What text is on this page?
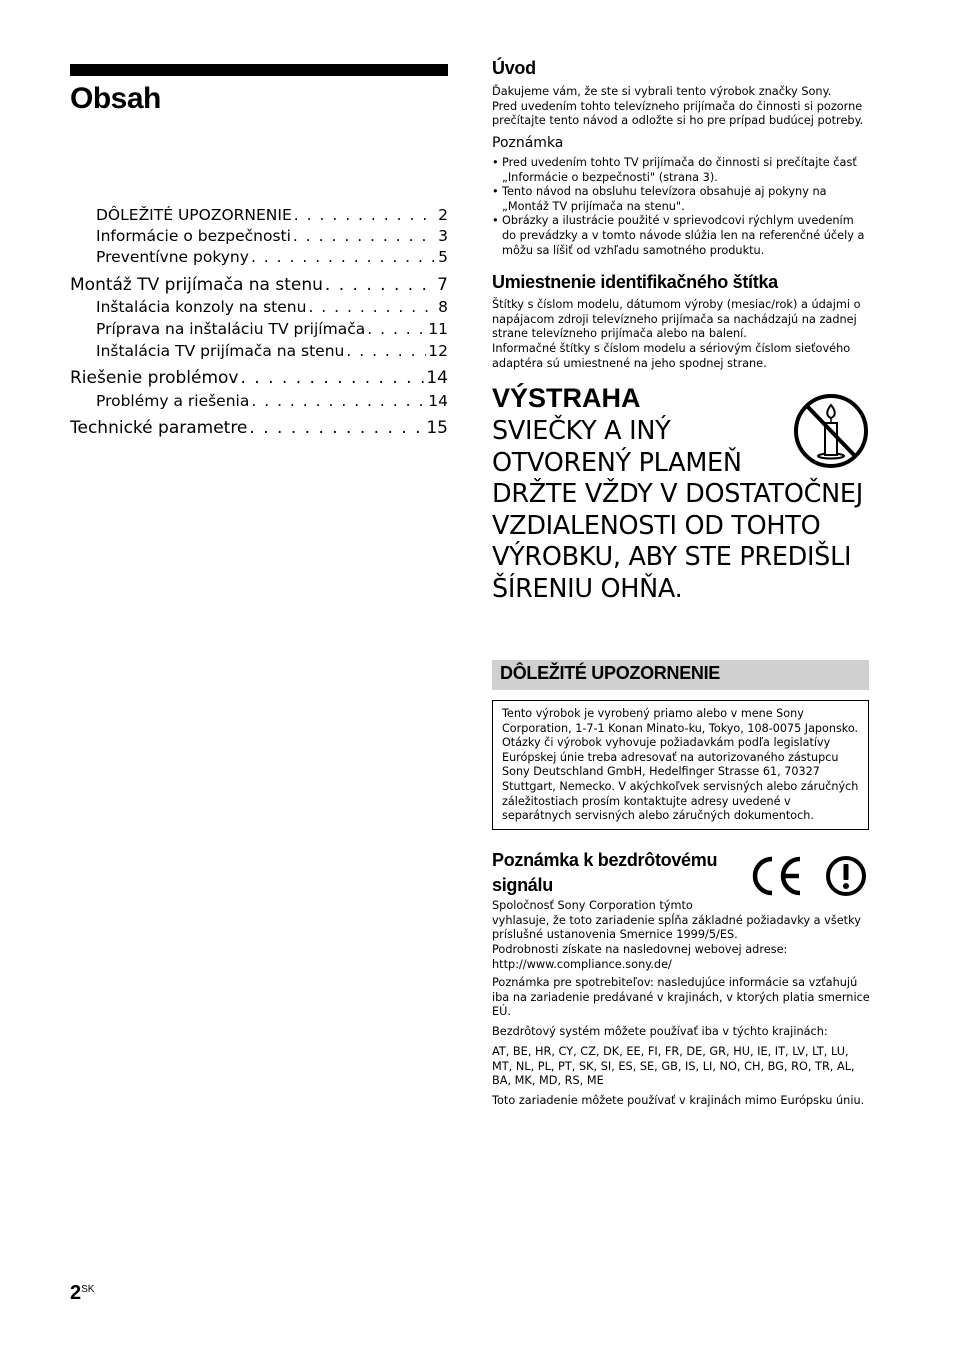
Obsah
DÔLEŽITÉ UPOZORNENIE . . .	2
Informácie o bezpečnosti . . .	3
Preventívne pokyny . . .	5
Montáž TV prijímača na stenu . . .	7
Inštalácia konzoly na stenu . . .	8
Príprava na inštaláciu TV prijímača . . .	11
Inštalácia TV prijímača na stenu . . .	12
Riešenie problémov . . .	14
Problémy a riešenia . . .	14
Technické parametre . . .	15
Úvod

Ďakujeme vám, že ste si vybrali tento výrobok značky Sony.

Pred uvedením tohto televízneho prijímača do činnosti si pozorne prečítajte tento návod a odložte si ho pre prípad budúcej potreby.

Poznámka

• Pred uvedením tohto TV prijímača do činnosti si prečítajte časť „Informácie o bezpečnosti" (strana 3).
• Tento návod na obsluhu televízora obsahuje aj pokyny na „Montáž TV prijímača na stenu".
• Obrázky a ilustrácie použité v sprievodcovi rýchlym uvedením do prevádzky a v tomto návode slúžia len na referenčné účely a môžu sa líšiť od vzhľadu samotného produktu.
Umiestnenie identifikačného štítka

Štítky s číslom modelu, dátumom výroby (mesiac/rok) a údajmi o napájacom zdroji televízneho prijímača sa nachádzajú na zadnej strane televízneho prijímača alebo na balení.

Informačné štítky s číslom modelu a sériovým číslom sieťového adaptéra sú umiestnené na jeho spodnej strane.

VÝSTRAHA
SVIEČKY A INÝ
OTVORENÝ PLAMEŇ
DRŽTE VŽDY V DOSTATOČNEJ
VZDIALENOSTI OD TOHTO
VÝROBKU, ABY STE PREDIŠLI
ŠÍRENIU OHŇA.
DÔLEŽITÉ UPOZORNENIE

Tento výrobok je vyrobený priamo alebo v mene Sony Corporation, 1-7-1 Konan Minato-ku, Tokyo, 108-0075 Japonsko. Otázky či výrobok vyhovuje požiadavkám podľa legislatívy Európskej únie treba adresovať na autorizovaného zástupcu Sony Deutschland GmbH, Hedelfinger Strasse 61, 70327 Stuttgart, Nemecko. V akýchkoľvek servisných alebo záručných záležitostiach prosím kontaktujte adresy uvedené v separátnych servisných alebo záručných dokumentoch.

Poznámka k bezdrôtovému
signálu

Spoločnosť Sony Corporation týmto

vyhlasuje, že toto zariadenie spĺňa základné požiadavky a všetky príslušné ustanovenia Smernice 1999/5/ES.

Podrobnosti získate na nasledovnej webovej adrese:

http://www.compliance.sony.de/

Poznámka pre spotrebiteľov: nasledujúce informácie sa vzťahujú iba na zariadenie predávané v krajinách, v ktorých platia smernice EÚ.

Bezdrôtový systém môžete používať iba v týchto krajinách:

AT, BE, HR, CY, CZ, DK, EE, FI, FR, DE, GR, HU, IE, IT, LV, LT, LU, MT, NL, PL, PT, SK, SI, ES, SE, GB, IS, LI, NO, CH, BG, RO, TR, AL, BA, MK, MD, RS, ME

Toto zariadenie môžete používať v krajinách mimo Európsku úniu.

$2^{SK}$
